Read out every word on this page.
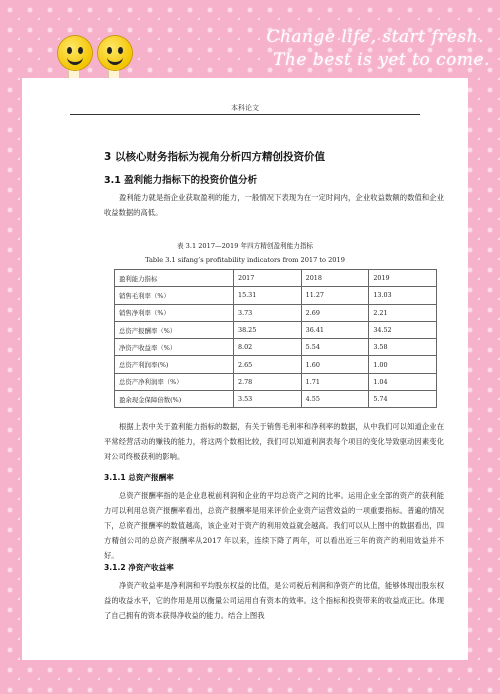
Change life, start fresh.
The best is yet to come.
本科论文
3 以核心财务指标为视角分析四方精创投资价值
3.1 盈利能力指标下的投资价值分析
盈利能力就是指企业获取盈利的能力，一般情况下表现为在一定时间内，企业收益数额的数值和企业收益数据的高低。
表 3.1 2017—2019 年四方精创盈利能力指标
Table 3.1 sifang’s profitability indicators from 2017 to 2019
盈利能力指标	2017	2018	2019
销售毛利率（%）	15.31	11.27	13.03
销售净利率（%）	3.73	2.69	2.21
总资产报酬率（%）	38.25	36.41	34.52
净资产收益率（%）	8.02	5.54	3.58
总资产利润率(%)	2.65	1.60	1.00
总资产净利润率（%）	2.78	1.71	1.04
盈余现金保障倍数(%)	3.53	4.55	5.74
根据上表中关于盈利能力指标的数据，有关于销售毛利率和净利率的数据，从中我们可以知道企业在平常经营活动的赚钱的能力，将这两个数相比较，我们可以知道利润表每个项目的变化导致驱动因素变化对公司终极获利的影响。
3.1.1 总资产报酬率
总资产报酬率指的是企业息税前利润和企业的平均总资产之间的比率。运用企业全部的资产的获利能力可以利用总资产报酬率看出，总资产报酬率是用来评价企业资产运营效益的一项重要指标。普遍的情况下，总资产报酬率的数值越高，该企业对于资产的利用效益就会越高。我们可以从上图中的数据看出，四方精创公司的总资产报酬率从2017 年以来，连续下降了两年，可以看出近三年的资产的利用效益并不好。
3.1.2 净资产收益率
净资产收益率是净利润和平均股东权益的比值，是公司税后利润和净资产的比值，能够体现出股东权益的收益水平，它的作用是用以衡量公司运用自有资本的效率。这个指标和投资带来的收益成正比。体现了自己拥有的资本获得净收益的能力。结合上图我
